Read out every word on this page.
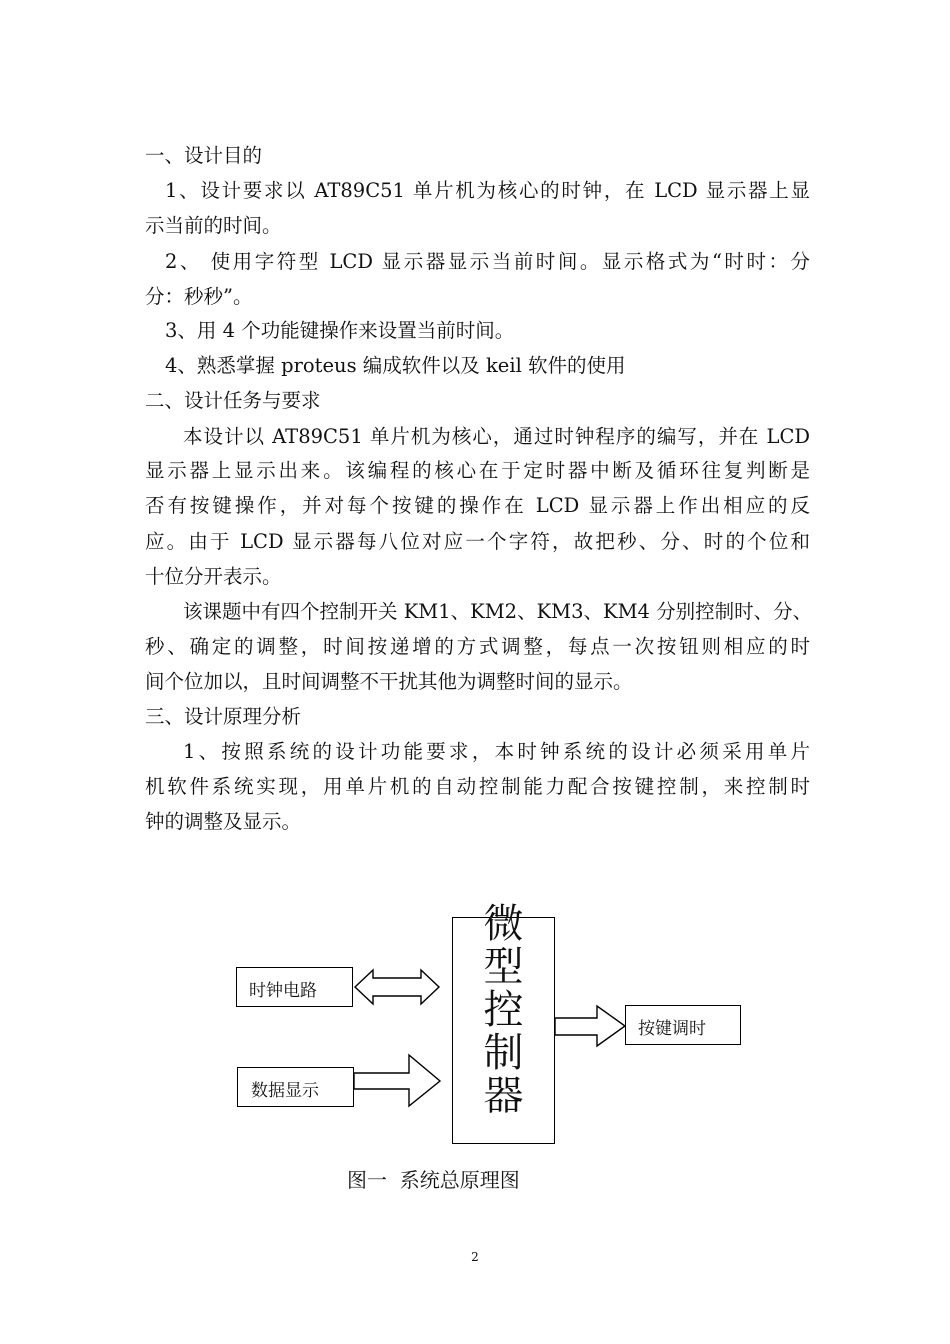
一、设计目的
1、设计要求以 AT89C51 单片机为核心的时钟，在 LCD 显示器上显
示当前的时间。
2、 使用字符型 LCD 显示器显示当前时间。显示格式为“时时：分
分：秒秒”。
3、用 4 个功能键操作来设置当前时间。
4、熟悉掌握 proteus 编成软件以及 keil 软件的使用
二、设计任务与要求
本设计以 AT89C51 单片机为核心，通过时钟程序的编写，并在 LCD
显示器上显示出来。该编程的核心在于定时器中断及循环往复判断是
否有按键操作，并对每个按键的操作在 LCD 显示器上作出相应的反
应。由于 LCD 显示器每八位对应一个字符，故把秒、分、时的个位和
十位分开表示。
该课题中有四个控制开关 KM1、KM2、KM3、KM4 分别控制时、分、
秒、确定的调整，时间按递增的方式调整，每点一次按钮则相应的时
间个位加以，且时间调整不干扰其他为调整时间的显示。
三、设计原理分析
1、按照系统的设计功能要求，本时钟系统的设计必须采用单片
机软件系统实现，用单片机的自动控制能力配合按键控制，来控制时
钟的调整及显示。
时钟电路
数据显示
微
型
控
制
器
按键调时
图一  系统总原理图
2
